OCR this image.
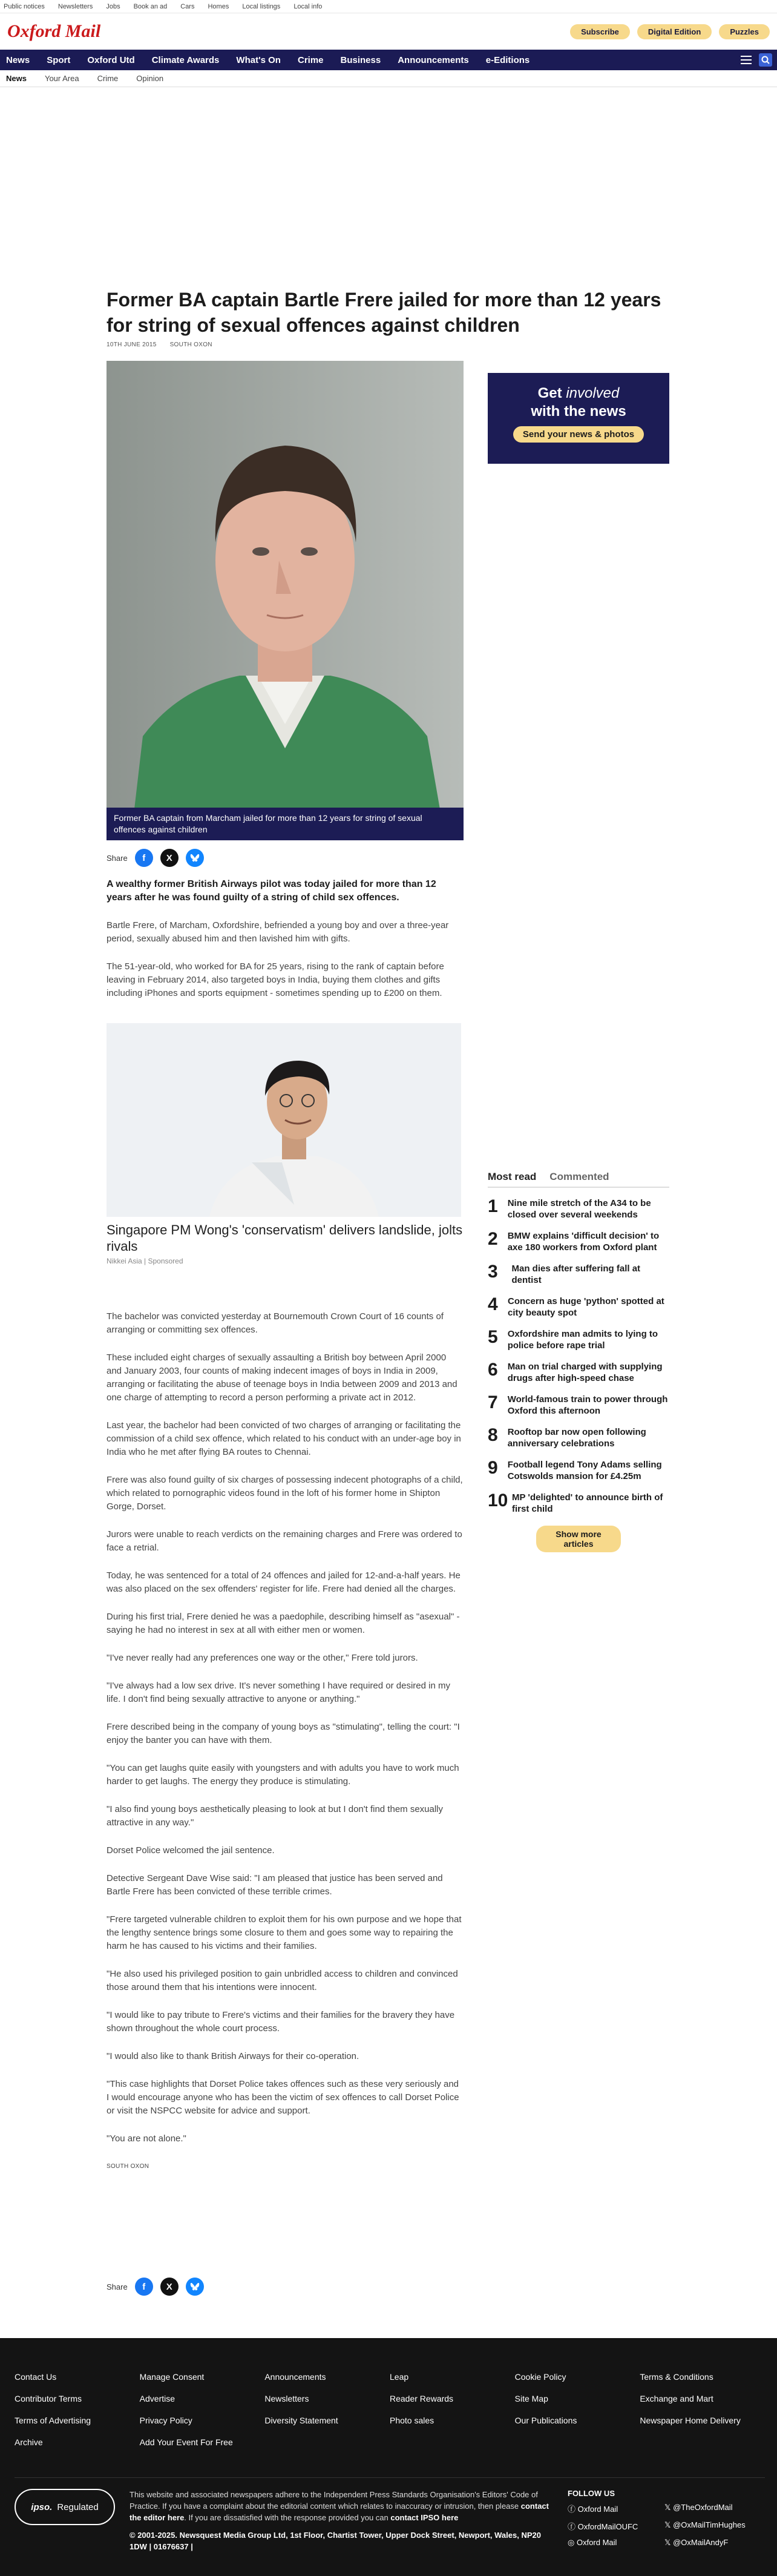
Public notices Newsletters Jobs Book an ad Cars Homes Local listings Local info
Oxford Mail	Subscribe	Digital Edition	Puzzles
News Sport Oxford Utd Climate Awards What's On Crime Business Announcements e-Editions
News Your Area Crime Opinion
Former BA captain Bartle Frere jailed for more than 12 years for string of sexual offences against children
10TH JUNE 2015 SOUTH OXON
Former BA captain from Marcham jailed for more than 12 years for string of sexual offences against children
Share	f	X

A wealthy former British Airways pilot was today jailed for more than 12 years after he was found guilty of a string of child sex offences.

Bartle Frere, of Marcham, Oxfordshire, befriended a young boy and over a three-year period, sexually abused him and then lavished him with gifts.

The 51-year-old, who worked for BA for 25 years, rising to the rank of captain before leaving in February 2014, also targeted boys in India, buying them clothes and gifts including iPhones and sports equipment - sometimes spending up to £200 on them.

The bachelor was convicted yesterday at Bournemouth Crown Court of 16 counts of arranging or committing sex offences.

These included eight charges of sexually assaulting a British boy between April 2000 and January 2003, four counts of making indecent images of boys in India in 2009, arranging or facilitating the abuse of teenage boys in India between 2009 and 2013 and one charge of attempting to record a person performing a private act in 2012.

Last year, the bachelor had been convicted of two charges of arranging or facilitating the commission of a child sex offence, which related to his conduct with an under-age boy in India who he met after flying BA routes to Chennai.

Frere was also found guilty of six charges of possessing indecent photographs of a child, which related to pornographic videos found in the loft of his former home in Shipton Gorge, Dorset.

Jurors were unable to reach verdicts on the remaining charges and Frere was ordered to face a retrial.

Today, he was sentenced for a total of 24 offences and jailed for 12-and-a-half years. He was also placed on the sex offenders' register for life. Frere had denied all the charges.

During his first trial, Frere denied he was a paedophile, describing himself as "asexual" - saying he had no interest in sex at all with either men or women.

"I've never really had any preferences one way or the other," Frere told jurors.

"I've always had a low sex drive. It's never something I have required or desired in my life. I don't find being sexually attractive to anyone or anything."

Frere described being in the company of young boys as "stimulating", telling the court: "I enjoy the banter you can have with them.

"You can get laughs quite easily with youngsters and with adults you have to work much harder to get laughs. The energy they produce is stimulating.

"I also find young boys aesthetically pleasing to look at but I don't find them sexually attractive in any way."

Dorset Police welcomed the jail sentence.

Detective Sergeant Dave Wise said: "I am pleased that justice has been served and Bartle Frere has been convicted of these terrible crimes.

"Frere targeted vulnerable children to exploit them for his own purpose and we hope that the lengthy sentence brings some closure to them and goes some way to repairing the harm he has caused to his victims and their families.

"He also used his privileged position to gain unbridled access to children and convinced those around them that his intentions were innocent.

"I would like to pay tribute to Frere's victims and their families for the bravery they have shown throughout the whole court process.

"I would also like to thank British Airways for their co-operation.

"This case highlights that Dorset Police takes offences such as these very seriously and I would encourage anyone who has been the victim of sex offences to call Dorset Police or visit the NSPCC website for advice and support.

"You are not alone."

SOUTH OXON

Singapore PM Wong's 'conservatism' delivers landslide, jolts rivals
Nikkei Asia | Sponsored
Share	f	X
Get involved
with the news
Send your news & photos
Most read Commented
1 Nine mile stretch of the A34 to be closed over several weekends
2 BMW explains 'difficult decision' to axe 180 workers from Oxford plant
3	Man dies after suffering fall at dentist
4 Concern as huge 'python' spotted at city beauty spot
5 Oxfordshire man admits to lying to police before rape trial
6 Man on trial charged with supplying drugs after high-speed chase
7 World-famous train to power through Oxford this afternoon
8 Rooftop bar now open following anniversary celebrations
9 Football legend Tony Adams selling Cotswolds mansion for £4.25m
10 MP 'delighted' to announce birth of first child
Show more articles
Contact Us	Manage Consent	Announcements	Leap	Cookie Policy	Terms & Conditions
Contributor Terms	Advertise	Newsletters	Reader Rewards	Site Map	Exchange and Mart
Terms of Advertising	Privacy Policy	Diversity Statement	Photo sales	Our Publications	Newspaper Home Delivery
Archive	Add Your Event For Free
ipso. Regulated
This website and associated newspapers adhere to the Independent Press Standards Organisation's Editors' Code of Practice. If you have a complaint about the editorial content which relates to inaccuracy or intrusion, then please contact the editor here. If you are dissatisfied with the response provided you can contact IPSO here
© 2001-2025. Newsquest Media Group Ltd, 1st Floor, Chartist Tower, Upper Dock Street, Newport, Wales, NP20 1DW | 01676637 |
FOLLOW US
ⓕ Oxford Mail	𝕏 @TheOxfordMail
ⓕ OxfordMailOUFC	𝕏 @OxMailTimHughes
◎ Oxford Mail	𝕏 @OxMailAndyF
